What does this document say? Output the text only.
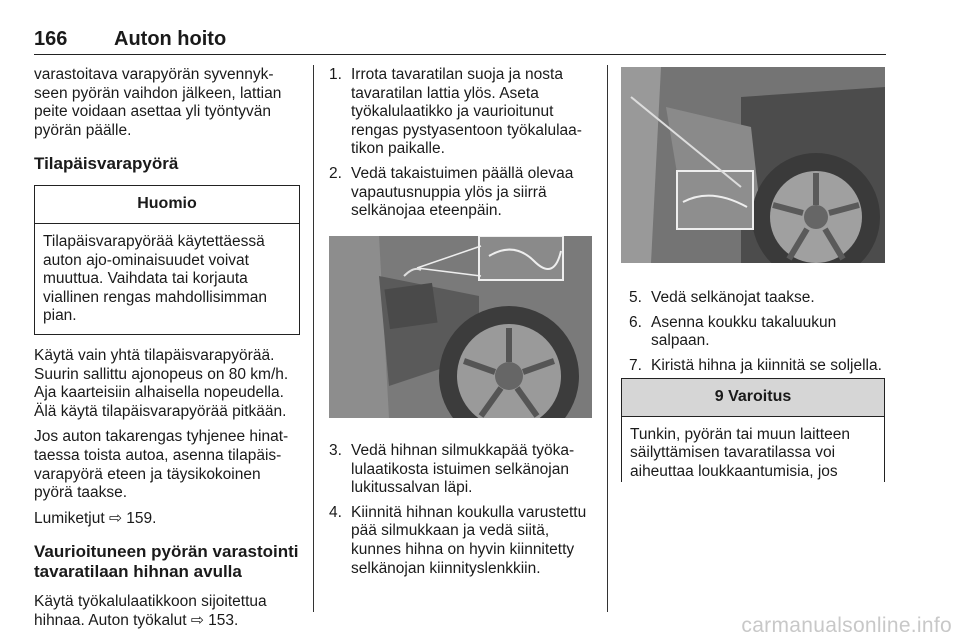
166 Auton hoito

varastoitava varapyörän syvennykseen pyörän vaihdon jälkeen, lattian peite voidaan asettaa yli työntyvän pyörän päälle.

Tilapäisvarapyörä
Huomio
Tilapäisvarapyörää käytettäessä auton ajo-ominaisuudet voivat muuttua. Vaihdata tai korjauta viallinen rengas mahdollisimman pian.

Käytä vain yhtä tilapäisvarapyörää. Suurin sallittu ajonopeus on 80 km/h. Aja kaarteisiin alhaisella nopeudella. Älä käytä tilapäisvarapyörää pitkään.

Jos auton takarengas tyhjenee hinattaessa toista autoa, asenna tilapäisvarapyörä eteen ja täysikokoinen pyörä taakse.

Lumiketjut ⇨ 159.

Vaurioituneen pyörän varastointi tavaratilaan hihnan avulla

Käytä työkalulaatikkoon sijoitettua hihnaa. Auton työkalut ⇨ 153.

1. Irrota tavaratilan suoja ja nosta tavaratilan lattia ylös. Aseta työkalulaatikko ja vaurioitunut rengas pystyasentoon työkalulaatikon paikalle.
2. Vedä takaistuimen päällä olevaa vapautusnuppia ylös ja siirrä selkänojaa eteenpäin.
3. Vedä hihnan silmukkapää työkalulaatikosta istuimen selkänojan lukitussalvan läpi.
4. Kiinnitä hihnan koukulla varustettu pää silmukkaan ja vedä siitä, kunnes hihna on hyvin kiinnitetty selkänojan kiinnityslenkkiin.
5. Vedä selkänojat taakse.
6. Asenna koukku takaluukun salpaan.
7. Kiristä hihna ja kiinnitä se soljella.
9 Varoitus
Tunkin, pyörän tai muun laitteen säilyttämisen tavaratilassa voi aiheuttaa loukkaantumisia, jos
carmanualsonline.info
